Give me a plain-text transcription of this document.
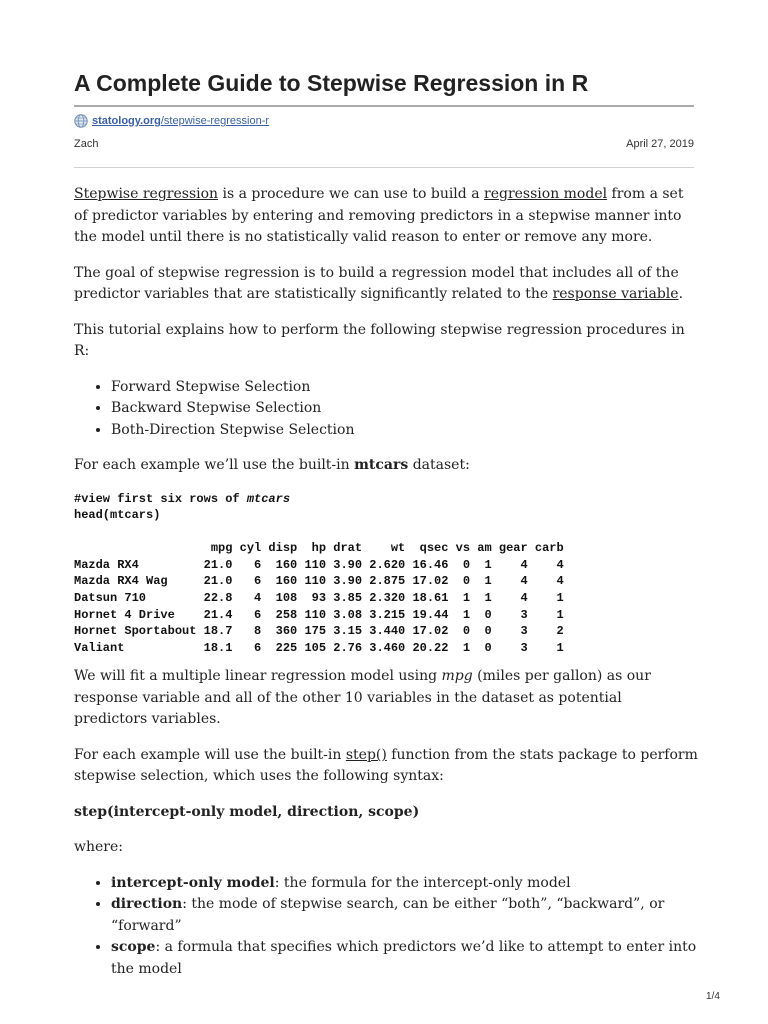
A Complete Guide to Stepwise Regression in R
statology.org /stepwise-regression-r
Zach	April 27, 2019

Stepwise regression is a procedure we can use to build a regression model from a set of predictor variables by entering and removing predictors in a stepwise manner into the model until there is no statistically valid reason to enter or remove any more.

The goal of stepwise regression is to build a regression model that includes all of the predictor variables that are statistically significantly related to the response variable.

This tutorial explains how to perform the following stepwise regression procedures in R:

• Forward Stepwise Selection
• Backward Stepwise Selection
• Both-Direction Stepwise Selection

For each example we’ll use the built-in mtcars dataset:

#view first six rows of mtcars
head(mtcars)

mpg cyl disp  hp drat    wt  qsec vs am gear carb
Mazda RX4         21.0   6  160 110 3.90 2.620 16.46  0  1    4    4
Mazda RX4 Wag     21.0   6  160 110 3.90 2.875 17.02  0  1    4    4
Datsun 710        22.8   4  108  93 3.85 2.320 18.61  1  1    4    1
Hornet 4 Drive    21.4   6  258 110 3.08 3.215 19.44  1  0    3    1
Hornet Sportabout 18.7   8  360 175 3.15 3.440 17.02  0  0    3    2
Valiant           18.1   6  225 105 2.76 3.460 20.22  1  0    3    1

We will fit a multiple linear regression model using mpg (miles per gallon) as our response variable and all of the other 10 variables in the dataset as potential predictors variables.

For each example will use the built-in step() function from the stats package to perform stepwise selection, which uses the following syntax:

step(intercept-only model, direction, scope)

where:

• intercept-only model: the formula for the intercept-only model
• direction: the mode of stepwise search, can be either “both”, “backward”, or “forward”
• scope: a formula that specifies which predictors we’d like to attempt to enter into the model
1/4
